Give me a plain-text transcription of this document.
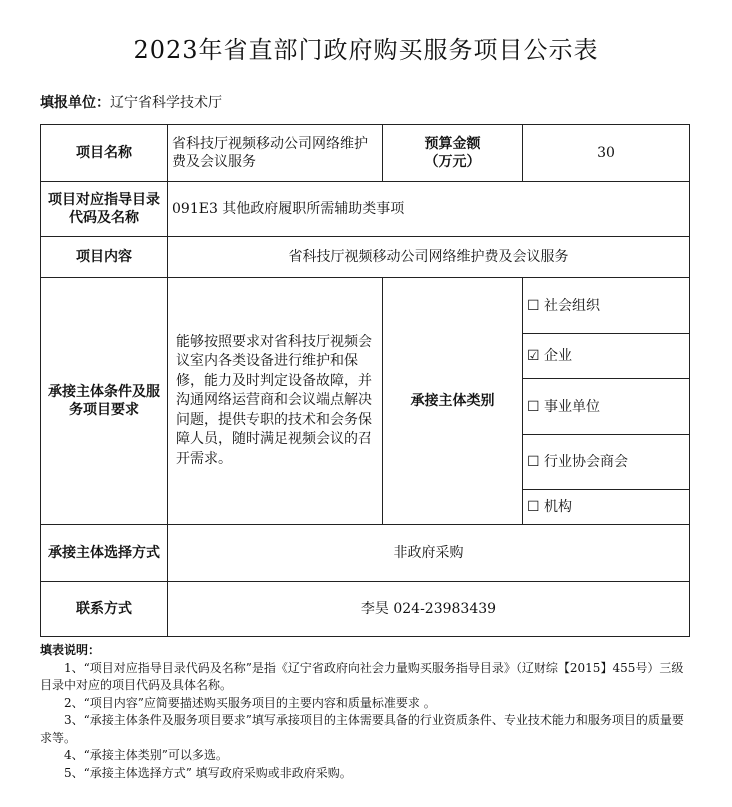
2023年省直部门政府购买服务项目公示表
填报单位：辽宁省科学技术厅
项目名称	省科技厅视频移动公司网络维护费及会议服务	预算金额
（万元）	30
项目对应指导目录代码及名称	091E3 其他政府履职所需辅助类事项		
项目内容	省科技厅视频移动公司网络维护费及会议服务		
承接主体条件及服务项目要求	能够按照要求对省科技厅视频会议室内各类设备进行维护和保修，能力及时判定设备故障，并沟通网络运营商和会议端点解决问题，提供专职的技术和会务保障人员，随时满足视频会议的召开需求。	承接主体类别	☐ 社会组织
			☑ 企业
			☐ 事业单位
			☐ 行业协会商会
			☐ 机构
承接主体选择方式	非政府采购		
联系方式	李昊 024-23983439		
填表说明：
1、“项目对应指导目录代码及名称”是指《辽宁省政府向社会力量购买服务指导目录》（辽财综【2015】455号）三级目录中对应的项目代码及具体名称。
2、“项目内容”应简要描述购买服务项目的主要内容和质量标准要求 。
3、“承接主体条件及服务项目要求”填写承接项目的主体需要具备的行业资质条件、专业技术能力和服务项目的质量要求等。
4、“承接主体类别”可以多选。
5、“承接主体选择方式” 填写政府采购或非政府采购。
